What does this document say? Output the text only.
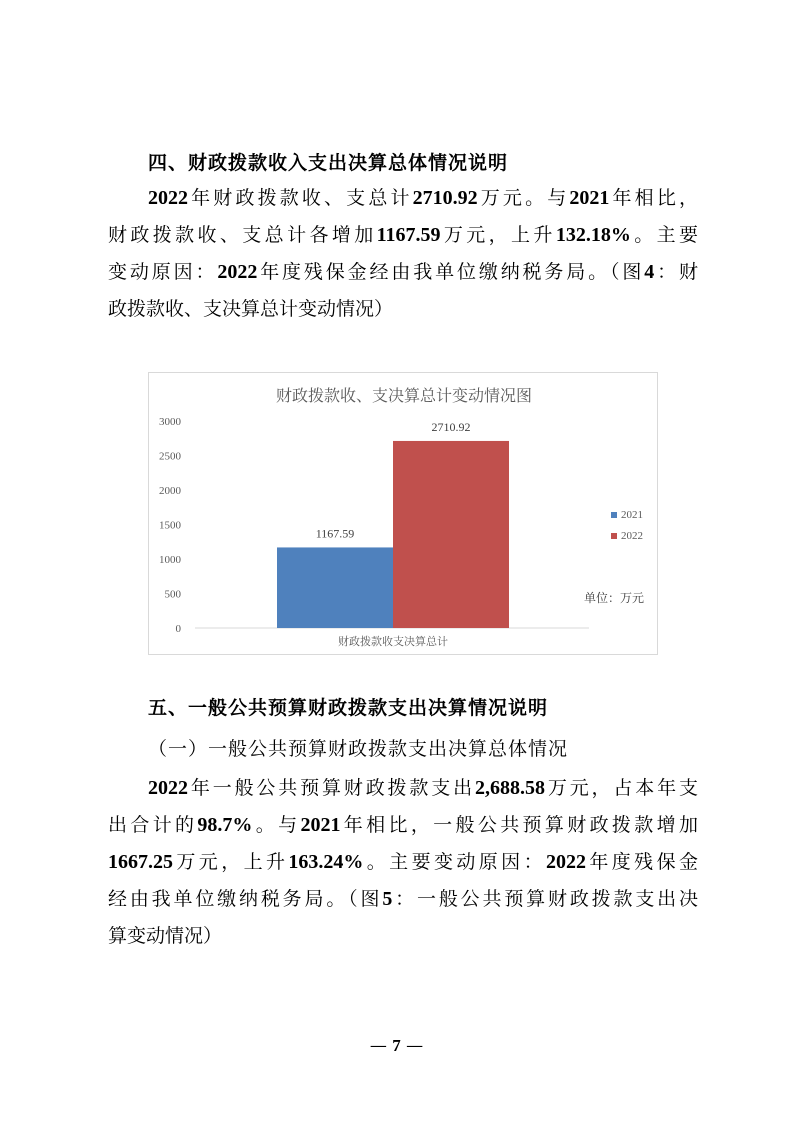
四、财政拨款收入支出决算总体情况说明

2022年财政拨款收、支总计2710.92万元。与2021年相比，

财政拨款收、支总计各增加1167.59万元，上升132.18%。主要

变动原因：2022年度残保金经由我单位缴纳税务局。（图4：财

政拨款收、支决算总计变动情况）

财政拨款收、支决算总计变动情况图
0
500
1000
1500
2000
2500
3000
1167.59
2710.92
财政拨款收支决算总计
2021
2022
单位：万元
五、一般公共预算财政拨款支出决算情况说明
（一）一般公共预算财政拨款支出决算总体情况

2022年一般公共预算财政拨款支出2,688.58万元，占本年支

出合计的98.7%。与2021年相比，一般公共预算财政拨款增加

1667.25万元，上升163.24%。主要变动原因：2022年度残保金

经由我单位缴纳税务局。（图5：一般公共预算财政拨款支出决

算变动情况）

— 7 —
